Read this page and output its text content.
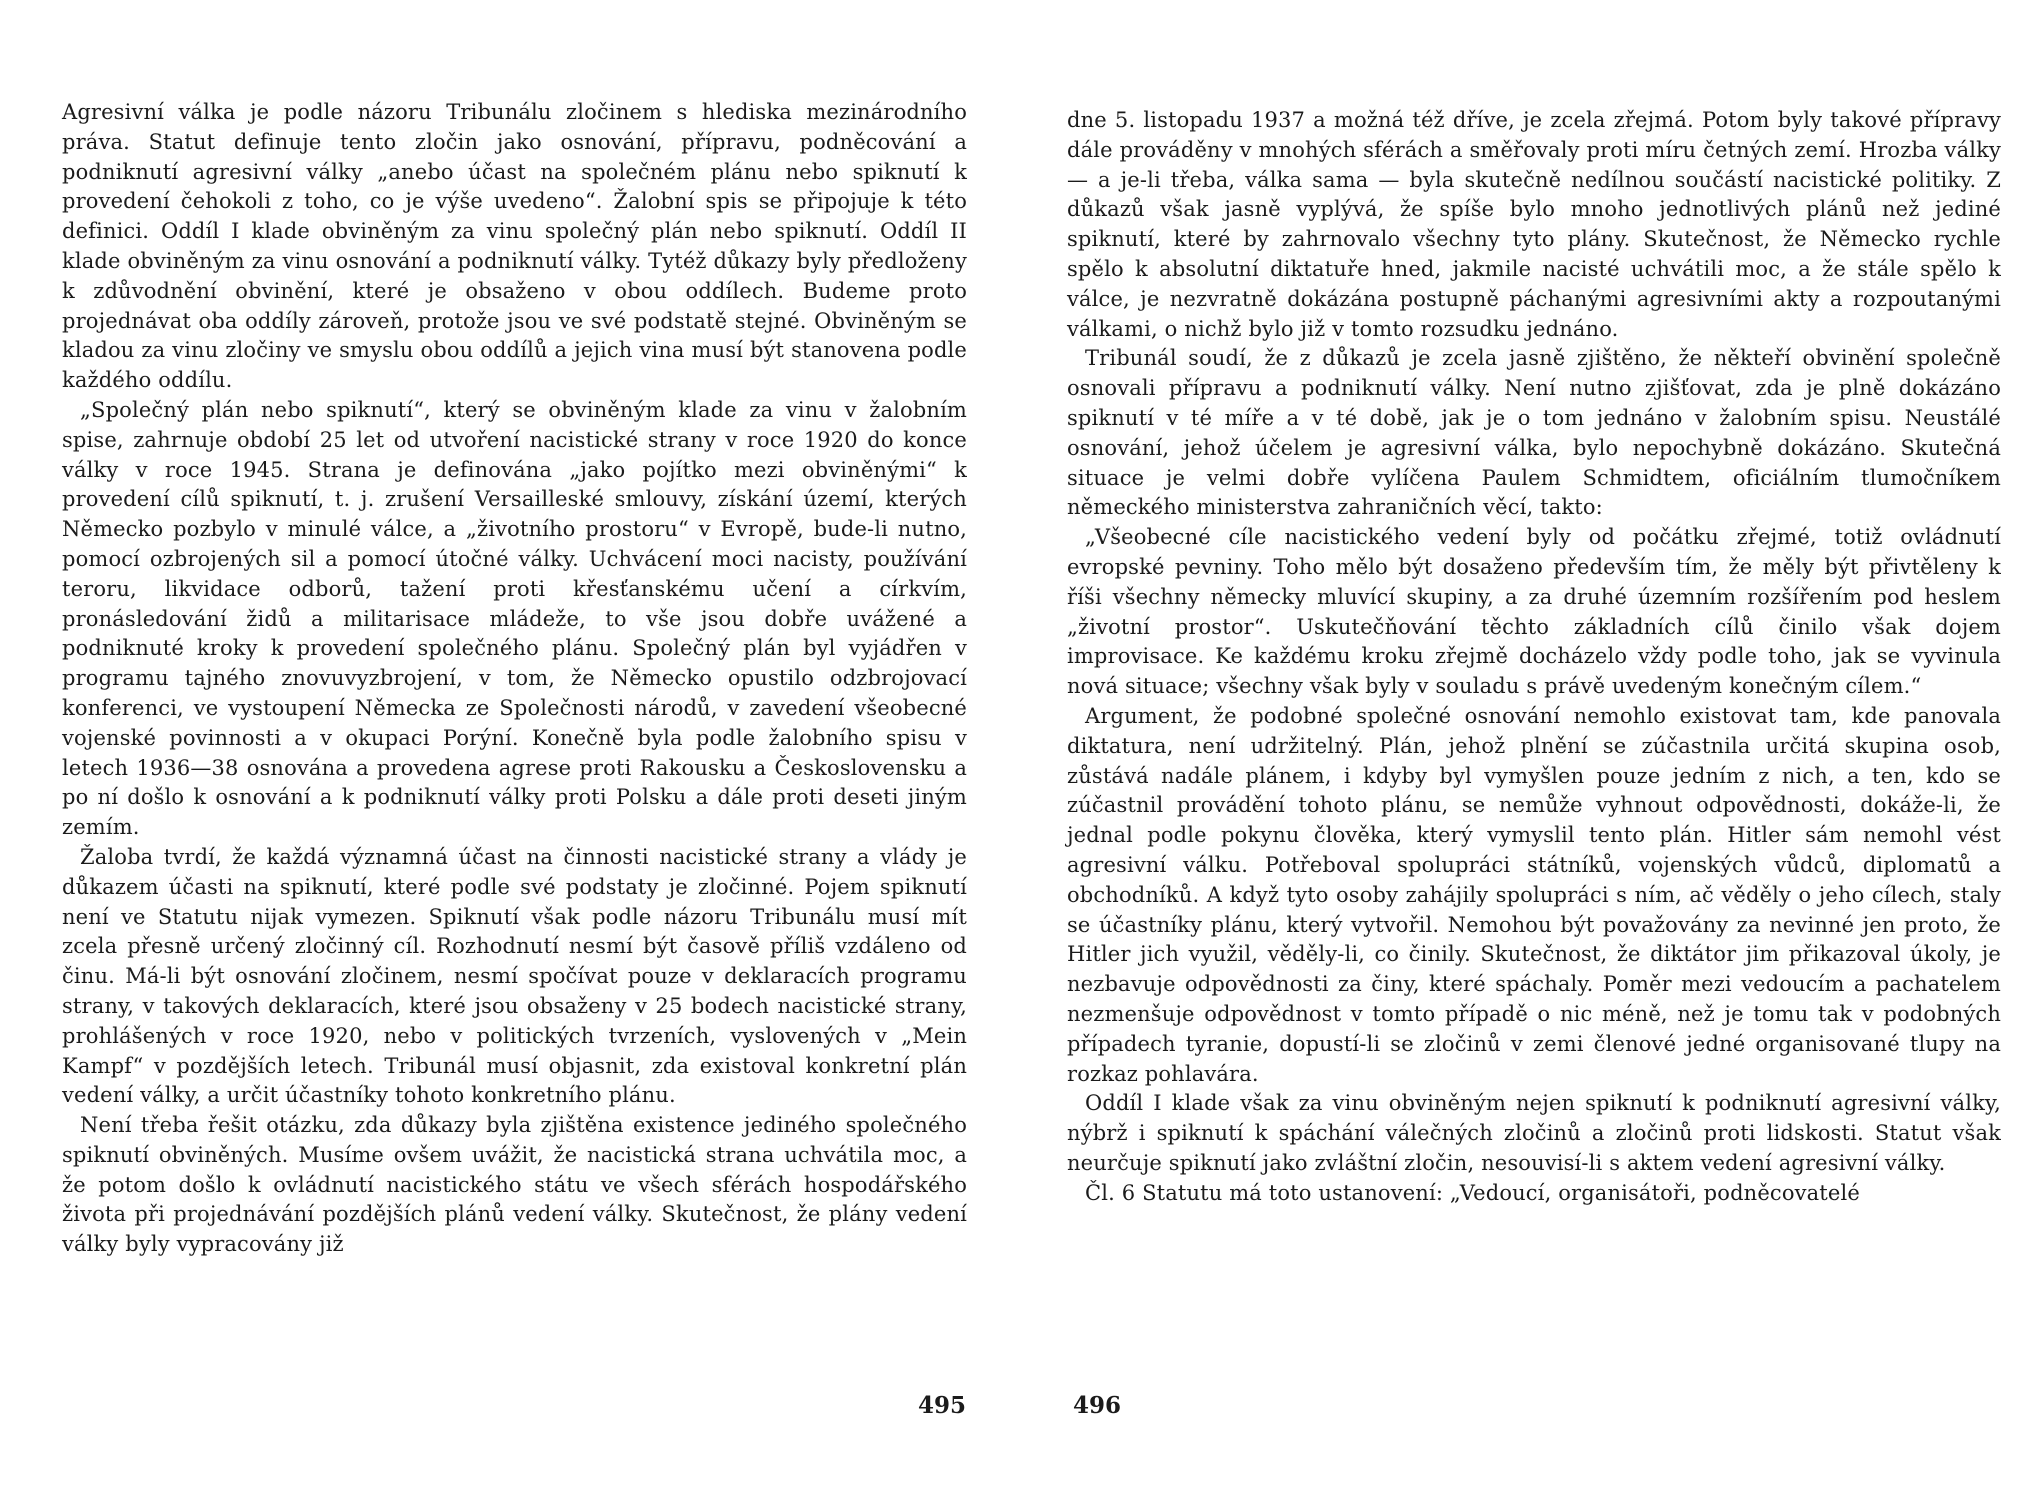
Agresivní válka je podle názoru Tribunálu zločinem s hlediska mezinárodního práva. Statut definuje tento zločin jako osnování, přípravu, podněcování a podniknutí agresivní války „anebo účast na společném plánu nebo spiknutí k provedení čehokoli z toho, co je výše uvedeno“. Žalobní spis se připojuje k této definici. Oddíl I klade obviněným za vinu společný plán nebo spiknutí. Oddíl II klade obviněným za vinu osnování a podniknutí války. Tytéž důkazy byly předloženy k zdůvodnění obvinění, které je obsaženo v obou oddílech. Budeme proto projednávat oba oddíly zároveň, protože jsou ve své podstatě stejné. Obviněným se kladou za vinu zločiny ve smyslu obou oddílů a jejich vina musí být stanovena podle každého oddílu.

„Společný plán nebo spiknutí“, který se obviněným klade za vinu v žalobním spise, zahrnuje období 25 let od utvoření nacistické strany v roce 1920 do konce války v roce 1945. Strana je definována „jako pojítko mezi obviněnými“ k provedení cílů spiknutí, t. j. zrušení Versailleské smlouvy, získání území, kterých Německo pozbylo v minulé válce, a „životního prostoru“ v Evropě, bude-li nutno, pomocí ozbrojených sil a pomocí útočné války. Uchvácení moci nacisty, používání teroru, likvidace odborů, tažení proti křesťanskému učení a církvím, pronásledování židů a militarisace mládeže, to vše jsou dobře uvážené a podniknuté kroky k provedení společného plánu. Společný plán byl vyjádřen v programu tajného znovuvyzbrojení, v tom, že Německo opustilo odzbrojovací konferenci, ve vystoupení Německa ze Společnosti národů, v zavedení všeobecné vojenské povinnosti a v okupaci Porýní. Konečně byla podle žalobního spisu v letech 1936—38 osnována a provedena agrese proti Rakousku a Československu a po ní došlo k osnování a k podniknutí války proti Polsku a dále proti deseti jiným zemím.

Žaloba tvrdí, že každá významná účast na činnosti nacistické strany a vlády je důkazem účasti na spiknutí, které podle své podstaty je zločinné. Pojem spiknutí není ve Statutu nijak vymezen. Spiknutí však podle názoru Tribunálu musí mít zcela přesně určený zločinný cíl. Rozhodnutí nesmí být časově příliš vzdáleno od činu. Má-li být osnování zločinem, nesmí spočívat pouze v deklaracích programu strany, v takových deklaracích, které jsou obsaženy v 25 bodech nacistické strany, prohlášených v roce 1920, nebo v politických tvrzeních, vyslovených v „Mein Kampf“ v pozdějších letech. Tribunál musí objasnit, zda existoval konkretní plán vedení války, a určit účastníky tohoto konkretního plánu.

Není třeba řešit otázku, zda důkazy byla zjištěna existence jediného společného spiknutí obviněných. Musíme ovšem uvážit, že nacistická strana uchvátila moc, a že potom došlo k ovládnutí nacistického státu ve všech sférách hospodářského života při projednávání pozdějších plánů vedení války. Skutečnost, že plány vedení války byly vypracovány již

495

dne 5. listopadu 1937 a možná též dříve, je zcela zřejmá. Potom byly takové přípravy dále prováděny v mnohých sférách a směřovaly proti míru četných zemí. Hrozba války — a je-li třeba, válka sama — byla skutečně nedílnou součástí nacistické politiky. Z důkazů však jasně vyplývá, že spíše bylo mnoho jednotlivých plánů než jediné spiknutí, které by zahrnovalo všechny tyto plány. Skutečnost, že Německo rychle spělo k absolutní diktatuře hned, jakmile nacisté uchvátili moc, a že stále spělo k válce, je nezvratně dokázána postupně páchanými agresivními akty a rozpoutanými válkami, o nichž bylo již v tomto rozsudku jednáno.

Tribunál soudí, že z důkazů je zcela jasně zjištěno, že někteří obvinění společně osnovali přípravu a podniknutí války. Není nutno zjišťovat, zda je plně dokázáno spiknutí v té míře a v té době, jak je o tom jednáno v žalobním spisu. Neustálé osnování, jehož účelem je agresivní válka, bylo nepochybně dokázáno. Skutečná situace je velmi dobře vylíčena Paulem Schmidtem, oficiálním tlumočníkem německého ministerstva zahraničních věcí, takto:

„Všeobecné cíle nacistického vedení byly od počátku zřejmé, totiž ovládnutí evropské pevniny. Toho mělo být dosaženo především tím, že měly být přivtěleny k říši všechny německy mluvící skupiny, a za druhé územním rozšířením pod heslem „životní prostor“. Uskutečňování těchto základních cílů činilo však dojem improvisace. Ke každému kroku zřejmě docházelo vždy podle toho, jak se vyvinula nová situace; všechny však byly v souladu s právě uvedeným konečným cílem.“

Argument, že podobné společné osnování nemohlo existovat tam, kde panovala diktatura, není udržitelný. Plán, jehož plnění se zúčastnila určitá skupina osob, zůstává nadále plánem, i kdyby byl vymyšlen pouze jedním z nich, a ten, kdo se zúčastnil provádění tohoto plánu, se nemůže vyhnout odpovědnosti, dokáže-li, že jednal podle pokynu člověka, který vymyslil tento plán. Hitler sám nemohl vést agresivní válku. Potřeboval spolupráci státníků, vojenských vůdců, diplomatů a obchodníků. A když tyto osoby zahájily spolupráci s ním, ač věděly o jeho cílech, staly se účastníky plánu, který vytvořil. Nemohou být považovány za nevinné jen proto, že Hitler jich využil, věděly-li, co činily. Skutečnost, že diktátor jim přikazoval úkoly, je nezbavuje odpovědnosti za činy, které spáchaly. Poměr mezi vedoucím a pachatelem nezmenšuje odpovědnost v tomto případě o nic méně, než je tomu tak v podobných případech tyranie, dopustí-li se zločinů v zemi členové jedné organisované tlupy na rozkaz pohlavára.

Oddíl I klade však za vinu obviněným nejen spiknutí k podniknutí agresivní války, nýbrž i spiknutí k spáchání válečných zločinů a zločinů proti lidskosti. Statut však neurčuje spiknutí jako zvláštní zločin, nesouvisí-li s aktem vedení agresivní války.

Čl. 6 Statutu má toto ustanovení: „Vedoucí, organisátoři, podněcovatelé

496
